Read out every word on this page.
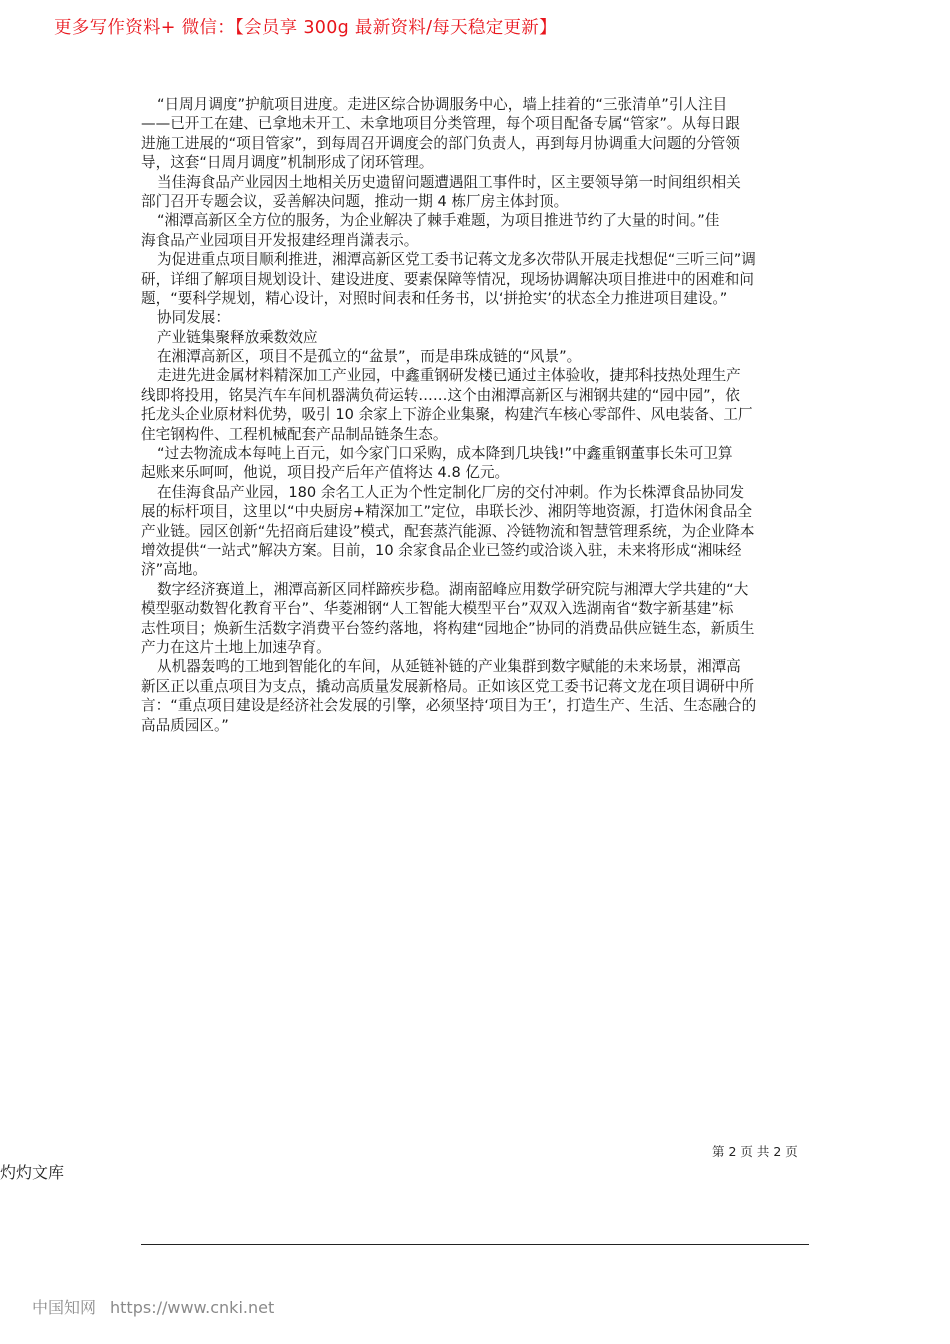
更多写作资料+ 微信：【会员享 300g 最新资料/每天稳定更新】
“日周月调度”护航项目进度。走进区综合协调服务中心，墙上挂着的“三张清单”引人注目
——已开工在建、已拿地未开工、未拿地项目分类管理，每个项目配备专属“管家”。从每日跟
进施工进展的“项目管家”，到每周召开调度会的部门负责人，再到每月协调重大问题的分管领
导，这套“日周月调度”机制形成了闭环管理。
当佳海食品产业园因土地相关历史遗留问题遭遇阻工事件时，区主要领导第一时间组织相关
部门召开专题会议，妥善解决问题，推动一期 4 栋厂房主体封顶。
“湘潭高新区全方位的服务，为企业解决了棘手难题，为项目推进节约了大量的时间。”佳
海食品产业园项目开发报建经理肖潇表示。
为促进重点项目顺利推进，湘潭高新区党工委书记蒋文龙多次带队开展走找想促“三听三问”调
研，详细了解项目规划设计、建设进度、要素保障等情况，现场协调解决项目推进中的困难和问
题，“要科学规划，精心设计，对照时间表和任务书，以‘拼抢实’的状态全力推进项目建设。”
协同发展：
产业链集聚释放乘数效应
在湘潭高新区，项目不是孤立的“盆景”，而是串珠成链的“风景”。
走进先进金属材料精深加工产业园，中鑫重钢研发楼已通过主体验收，捷邦科技热处理生产
线即将投用，铭昊汽车车间机器满负荷运转……这个由湘潭高新区与湘钢共建的“园中园”，依
托龙头企业原材料优势，吸引 10 余家上下游企业集聚，构建汽车核心零部件、风电装备、工厂
住宅钢构件、工程机械配套产品制品链条生态。
“过去物流成本每吨上百元，如今家门口采购，成本降到几块钱!”中鑫重钢董事长朱可卫算
起账来乐呵呵，他说，项目投产后年产值将达 4.8 亿元。
在佳海食品产业园，180 余名工人正为个性定制化厂房的交付冲刺。作为长株潭食品协同发
展的标杆项目，这里以“中央厨房+精深加工”定位，串联长沙、湘阴等地资源，打造休闲食品全
产业链。园区创新“先招商后建设”模式，配套蒸汽能源、冷链物流和智慧管理系统，为企业降本
增效提供“一站式”解决方案。目前，10 余家食品企业已签约或洽谈入驻，未来将形成“湘味经
济”高地。
数字经济赛道上，湘潭高新区同样蹄疾步稳。湖南韶峰应用数学研究院与湘潭大学共建的“大
模型驱动数智化教育平台”、华菱湘钢“人工智能大模型平台”双双入选湖南省“数字新基建”标
志性项目；焕新生活数字消费平台签约落地，将构建“园地企”协同的消费品供应链生态，新质生
产力在这片土地上加速孕育。
从机器轰鸣的工地到智能化的车间，从延链补链的产业集群到数字赋能的未来场景，湘潭高
新区正以重点项目为支点，撬动高质量发展新格局。正如该区党工委书记蒋文龙在项目调研中所
言：“重点项目建设是经济社会发展的引擎，必须坚持‘项目为王’，打造生产、生活、生态融合的
高品质园区。”
第 2 页 共 2 页
灼灼文库
中国知网 https://www.cnki.net
